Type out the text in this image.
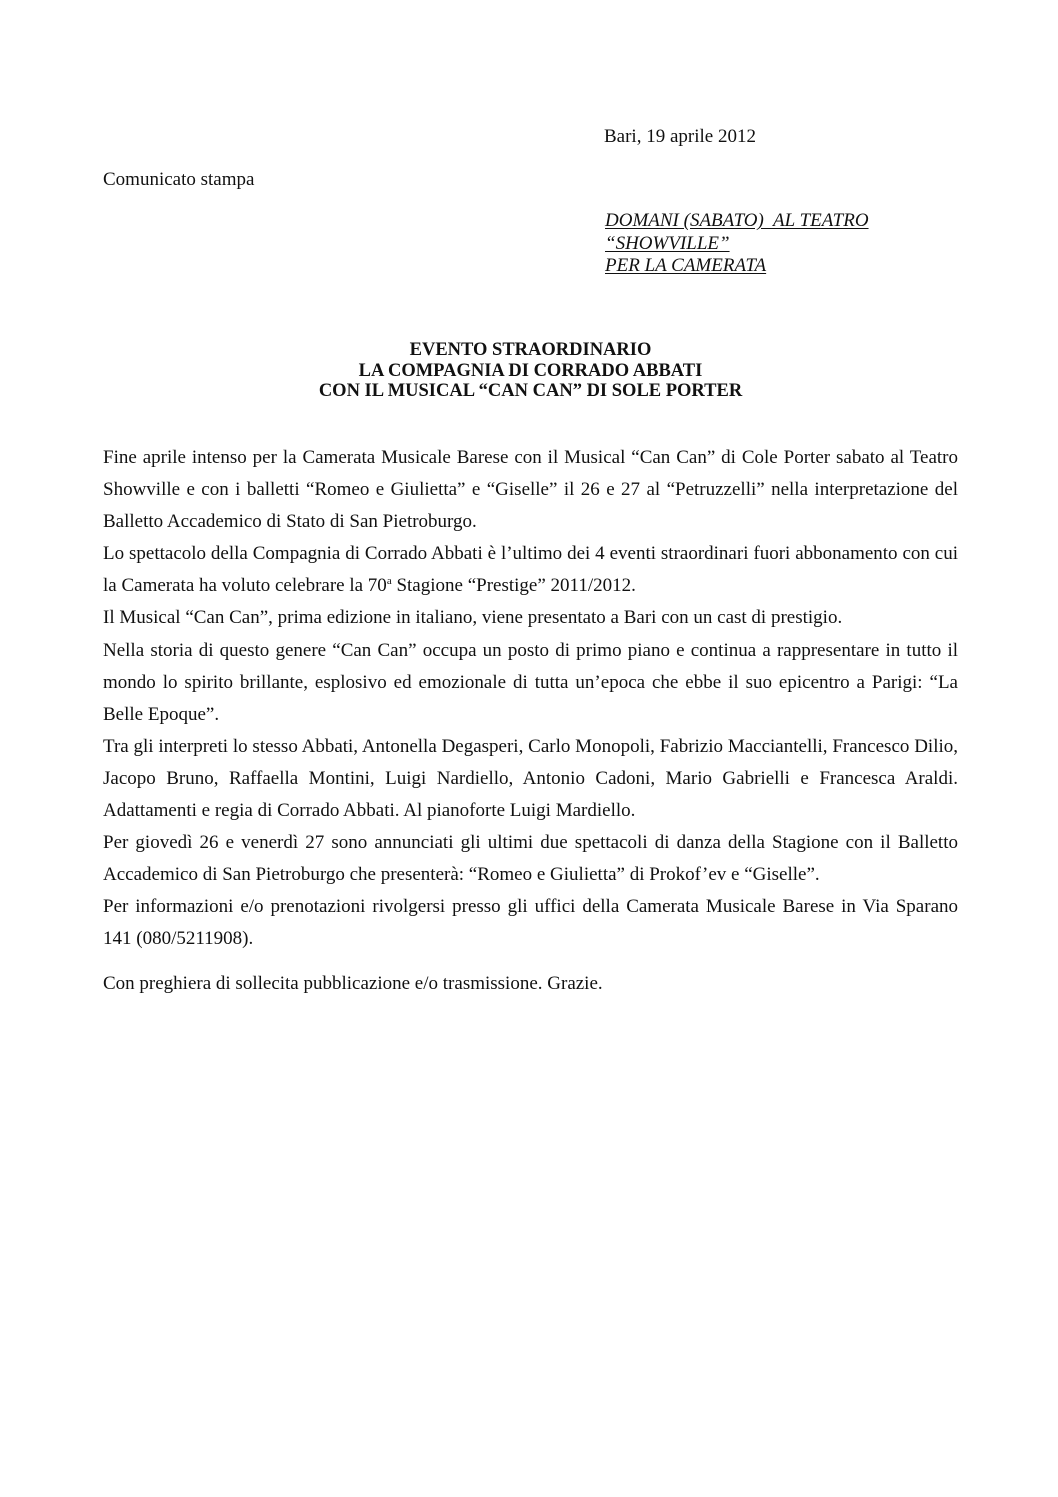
Bari, 19 aprile 2012
Comunicato stampa
DOMANI (SABATO)  AL TEATRO
“SHOWVILLE”
PER LA CAMERATA
EVENTO STRAORDINARIO
LA COMPAGNIA DI CORRADO ABBATI
CON IL MUSICAL “CAN CAN” DI SOLE PORTER

Fine aprile intenso per la Camerata Musicale Barese con il Musical “Can Can” di Cole Porter sabato al Teatro Showville e con i balletti “Romeo e Giulietta” e “Giselle” il 26 e 27 al “Petruzzelli” nella interpretazione del Balletto Accademico di Stato di San Pietroburgo.

Lo spettacolo della Compagnia di Corrado Abbati è l’ultimo dei 4 eventi straordinari fuori abbonamento con cui la Camerata ha voluto celebrare la 70$^a$ Stagione “Prestige” 2011/2012.

Il Musical “Can Can”, prima edizione in italiano, viene presentato a Bari con un cast di prestigio.

Nella storia di questo genere “Can Can” occupa un posto di primo piano e continua a rappresentare in tutto il mondo lo spirito brillante, esplosivo ed emozionale di tutta un’epoca che ebbe il suo epicentro a Parigi: “La Belle Epoque”.

Tra gli interpreti lo stesso Abbati, Antonella Degasperi, Carlo Monopoli, Fabrizio Macciantelli, Francesco Dilio, Jacopo Bruno, Raffaella Montini, Luigi Nardiello, Antonio Cadoni, Mario Gabrielli e Francesca Araldi. Adattamenti e regia di Corrado Abbati. Al pianoforte Luigi Mardiello.

Per giovedì 26 e venerdì 27 sono annunciati gli ultimi due spettacoli di danza della Stagione con il Balletto Accademico di San Pietroburgo che presenterà: “Romeo e Giulietta” di Prokof’ev e “Giselle”.

Per informazioni e/o prenotazioni rivolgersi presso gli uffici della Camerata Musicale Barese in Via Sparano 141 (080/5211908).

Con preghiera di sollecita pubblicazione e/o trasmissione. Grazie.
